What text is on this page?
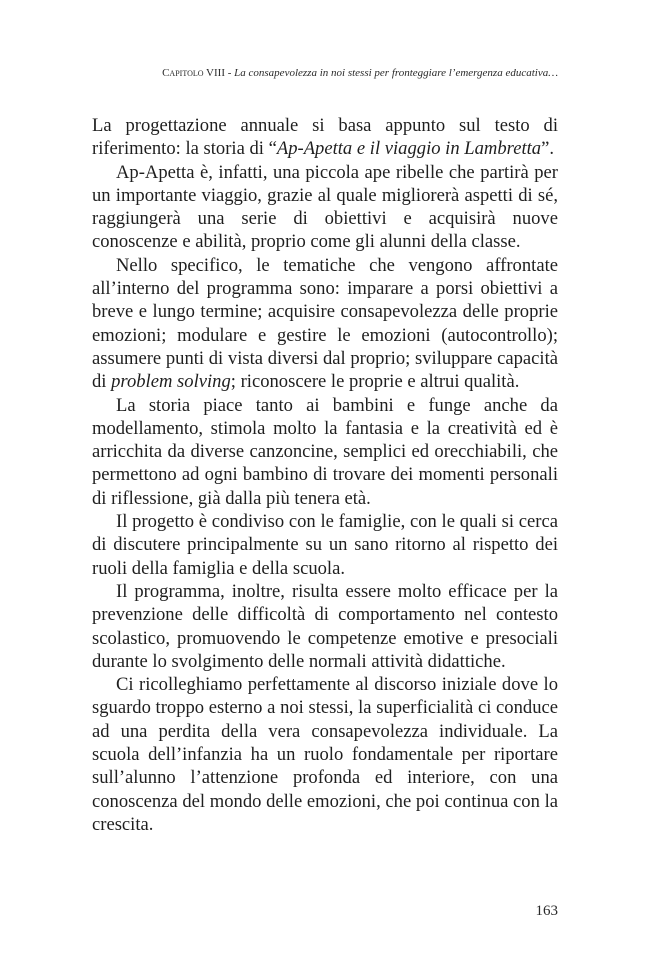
Capitolo VIII - La consapevolezza in noi stessi per fronteggiare l’emergenza educativa…

La progettazione annuale si basa appunto sul testo di riferimento: la storia di “Ap-Apetta e il viaggio in Lambretta”.

Ap-Apetta è, infatti, una piccola ape ribelle che partirà per un importante viaggio, grazie al quale migliorerà aspetti di sé, raggiungerà una serie di obiettivi e acquisirà nuove conoscenze e abilità, proprio come gli alunni della classe.

Nello specifico, le tematiche che vengono affrontate all’interno del programma sono: imparare a porsi obiettivi a breve e lungo termine; acquisire consapevolezza delle proprie emozioni; modulare e gestire le emozioni (autocontrollo); assumere punti di vista diversi dal proprio; sviluppare capacità di problem solving; riconoscere le proprie e altrui qualità.

La storia piace tanto ai bambini e funge anche da modellamento, stimola molto la fantasia e la creatività ed è arricchita da diverse canzoncine, semplici ed orecchiabili, che permettono ad ogni bambino di trovare dei momenti personali di riflessione, già dalla più tenera età.

Il progetto è condiviso con le famiglie, con le quali si cerca di discutere principalmente su un sano ritorno al rispetto dei ruoli della famiglia e della scuola.

Il programma, inoltre, risulta essere molto efficace per la prevenzione delle difficoltà di comportamento nel contesto scolastico, promuovendo le competenze emotive e presociali durante lo svolgimento delle normali attività didattiche.

Ci ricolleghiamo perfettamente al discorso iniziale dove lo sguardo troppo esterno a noi stessi, la superficialità ci conduce ad una perdita della vera consapevolezza individuale. La scuola dell’infanzia ha un ruolo fondamentale per riportare sull’alunno l’attenzione profonda ed interiore, con una conoscenza del mondo delle emozioni, che poi continua con la crescita.

163
